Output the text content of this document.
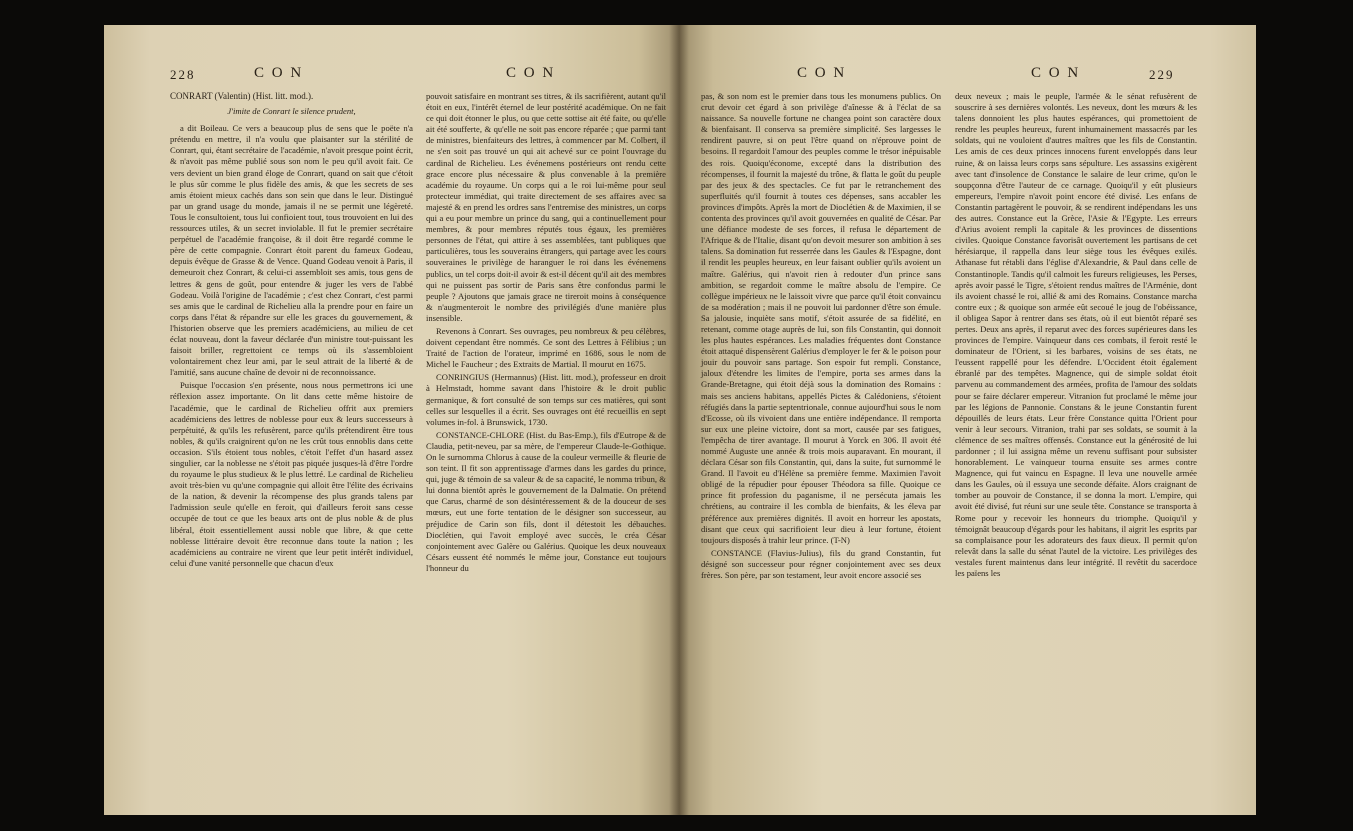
228	C O N	C O N

CONRART (Valentin) (Hist. litt. mod.).

J'imite de Conrart le silence prudent,

a dit Boileau. Ce vers a beaucoup plus de sens que le poëte n'a prétendu en mettre, il n'a voulu que plaisanter sur la stérilité de Conrart, qui, étant secrétaire de l'académie, n'avoit presque point écrit, & n'avoit pas même publié sous son nom le peu qu'il avoit fait. Ce vers devient un bien grand éloge de Conrart, quand on sait que c'étoit le plus sûr comme le plus fidèle des amis, & que les secrets de ses amis étoient mieux cachés dans son sein que dans le leur. Distingué par un grand usage du monde, jamais il ne se permit une légèreté. Tous le consultoient, tous lui confioient tout, tous trouvoient en lui des ressources utiles, & un secret inviolable. Il fut le premier secrétaire perpétuel de l'académie françoise, & il doit être regardé comme le père de cette compagnie. Conrart étoit parent du fameux Godeau, depuis évêque de Grasse & de Vence. Quand Godeau venoit à Paris, il demeuroit chez Conrart, & celui-ci assembloit ses amis, tous gens de lettres & gens de goût, pour entendre & juger les vers de l'abbé Godeau. Voilà l'origine de l'académie ; c'est chez Conrart, c'est parmi ses amis que le cardinal de Richelieu alla la prendre pour en faire un corps dans l'état & répandre sur elle les graces du gouvernement, & l'historien observe que les premiers académiciens, au milieu de cet éclat nouveau, dont la faveur déclarée d'un ministre tout-puissant les faisoit briller, regrettoient ce temps où ils s'assembloient volontairement chez leur ami, par le seul attrait de la liberté & de l'amitié, sans aucune chaîne de devoir ni de reconnoissance.

Puisque l'occasion s'en présente, nous nous permettrons ici une réflexion assez importante. On lit dans cette même histoire de l'académie, que le cardinal de Richelieu offrit aux premiers académiciens des lettres de noblesse pour eux & leurs successeurs à perpétuité, & qu'ils les refusèrent, parce qu'ils prétendirent être tous nobles, & qu'ils craignirent qu'on ne les crût tous ennoblis dans cette occasion. S'ils étoient tous nobles, c'étoit l'effet d'un hasard assez singulier, car la noblesse ne s'étoit pas piquée jusques-là d'être l'ordre du royaume le plus studieux & le plus lettré. Le cardinal de Richelieu avoit très-bien vu qu'une compagnie qui alloit être l'élite des écrivains de la nation, & devenir la récompense des plus grands talens par l'admission seule qu'elle en feroit, qui d'ailleurs feroit sans cesse occupée de tout ce que les beaux arts ont de plus noble & de plus libéral, étoit essentiellement aussi noble que libre, & que cette noblesse littéraire devoit être reconnue dans toute la nation ; les académiciens au contraire ne virent que leur petit intérêt individuel, celui d'une vanité personnelle que chacun d'eux

pouvoit satisfaire en montrant ses titres, & ils sacrifièrent, autant qu'il étoit en eux, l'intérêt éternel de leur postérité académique. On ne fait ce qui doit étonner le plus, ou que cette sottise ait été faite, ou qu'elle ait été soufferte, & qu'elle ne soit pas encore réparée ; que parmi tant de ministres, bienfaiteurs des lettres, à commencer par M. Colbert, il ne s'en soit pas trouvé un qui ait achevé sur ce point l'ouvrage du cardinal de Richelieu. Les événemens postérieurs ont rendu cette grace encore plus nécessaire & plus convenable à la première académie du royaume. Un corps qui a le roi lui-même pour seul protecteur immédiat, qui traite directement de ses affaires avec sa majesté & en prend les ordres sans l'entremise des ministres, un corps qui a eu pour membre un prince du sang, qui a continuellement pour membres, & pour membres réputés tous égaux, les premières personnes de l'état, qui attire à ses assemblées, tant publiques que particulières, tous les souverains étrangers, qui partage avec les cours souveraines le privilège de haranguer le roi dans les événemens publics, un tel corps doit-il avoir & est-il décent qu'il ait des membres qui ne puissent pas sortir de Paris sans être confondus parmi le peuple ? Ajoutons que jamais grace ne tireroit moins à conséquence & n'augmenteroit le nombre des privilégiés d'une manière plus insensible.

Revenons à Conrart. Ses ouvrages, peu nombreux & peu célèbres, doivent cependant être nommés. Ce sont des Lettres à Félibius ; un Traité de l'action de l'orateur, imprimé en 1686, sous le nom de Michel le Faucheur ; des Extraits de Martial. Il mourut en 1675.

CONRINGIUS (Hermannus) (Hist. litt. mod.), professeur en droit à Helmstadt, homme savant dans l'histoire & le droit public germanique, & fort consulté de son temps sur ces matières, qui sont celles sur lesquelles il a écrit. Ses ouvrages ont été recueillis en sept volumes in-fol. à Brunswick, 1730.

CONSTANCE-CHLORE (Hist. du Bas-Emp.), fils d'Eutrope & de Claudia, petit-neveu, par sa mère, de l'empereur Claude-le-Gothique. On le surnomma Chlorus à cause de la couleur vermeille & fleurie de son teint. Il fit son apprentissage d'armes dans les gardes du prince, qui, juge & témoin de sa valeur & de sa capacité, le nomma tribun, & lui donna bientôt après le gouvernement de la Dalmatie. On prétend que Carus, charmé de son désintéressement & de la douceur de ses mœurs, eut une forte tentation de le désigner son successeur, au préjudice de Carin son fils, dont il détestoit les débauches. Dioclétien, qui l'avoit employé avec succès, le créa César conjointement avec Galère ou Galérius. Quoique les deux nouveaux Césars eussent été nommés le même jour, Constance eut toujours l'honneur du

C O N	C O N	229

pas, & son nom est le premier dans tous les monumens publics. On crut devoir cet égard à son privilège d'aînesse & à l'éclat de sa naissance. Sa nouvelle fortune ne changea point son caractère doux & bienfaisant. Il conserva sa première simplicité. Ses largesses le rendirent pauvre, si on peut l'être quand on n'éprouve point de besoins. Il regardoit l'amour des peuples comme le trésor inépuisable des rois. Quoiqu'économe, excepté dans la distribution des récompenses, il fournit la majesté du trône, & flatta le goût du peuple par des jeux & des spectacles. Ce fut par le retranchement des superfluités qu'il fournit à toutes ces dépenses, sans accabler les provinces d'impôts. Après la mort de Dioclétien & de Maximien, il se contenta des provinces qu'il avoit gouvernées en qualité de César. Par une défiance modeste de ses forces, il refusa le département de l'Afrique & de l'Italie, disant qu'on devoit mesurer son ambition à ses talens. Sa domination fut resserrée dans les Gaules & l'Espagne, dont il rendit les peuples heureux, en leur faisant oublier qu'ils avoient un maître. Galérius, qui n'avoit rien à redouter d'un prince sans ambition, se regardoit comme le maître absolu de l'empire. Ce collègue impérieux ne le laissoit vivre que parce qu'il étoit convaincu de sa modération ; mais il ne pouvoit lui pardonner d'être son émule. Sa jalousie, inquiète sans motif, s'étoit assurée de sa fidélité, en retenant, comme otage auprès de lui, son fils Constantin, qui donnoit les plus hautes espérances. Les maladies fréquentes dont Constance étoit attaqué dispensèrent Galérius d'employer le fer & le poison pour jouir du pouvoir sans partage. Son espoir fut rempli. Constance, jaloux d'étendre les limites de l'empire, porta ses armes dans la Grande-Bretagne, qui étoit déjà sous la domination des Romains : mais ses anciens habitans, appellés Pictes & Calédoniens, s'étoient réfugiés dans la partie septentrionale, connue aujourd'hui sous le nom d'Ecosse, où ils vivoient dans une entière indépendance. Il remporta sur eux une pleine victoire, dont sa mort, causée par ses fatigues, l'empêcha de tirer avantage. Il mourut à Yorck en 306. Il avoit été nommé Auguste une année & trois mois auparavant. En mourant, il déclara César son fils Constantin, qui, dans la suite, fut surnommé le Grand. Il l'avoit eu d'Hélène sa première femme. Maximien l'avoit obligé de la répudier pour épouser Théodora sa fille. Quoique ce prince fit profession du paganisme, il ne persécuta jamais les chrétiens, au contraire il les combla de bienfaits, & les éleva par préférence aux premières dignités. Il avoit en horreur les apostats, disant que ceux qui sacrifioient leur dieu à leur fortune, étoient toujours disposés à trahir leur prince. (T-N)

CONSTANCE (Flavius-Julius), fils du grand Constantin, fut désigné son successeur pour régner conjointement avec ses deux frères. Son père, par son testament, leur avoit encore associé ses

deux neveux ; mais le peuple, l'armée & le sénat refusèrent de souscrire à ses dernières volontés. Les neveux, dont les mœurs & les talens donnoient les plus hautes espérances, qui promettoient de rendre les peuples heureux, furent inhumainement massacrés par les soldats, qui ne vouloient d'autres maîtres que les fils de Constantin. Les amis de ces deux princes innocens furent enveloppés dans leur ruine, & on laissa leurs corps sans sépulture. Les assassins exigèrent avec tant d'insolence de Constance le salaire de leur crime, qu'on le soupçonna d'être l'auteur de ce carnage. Quoiqu'il y eût plusieurs empereurs, l'empire n'avoit point encore été divisé. Les enfans de Constantin partagèrent le pouvoir, & se rendirent indépendans les uns des autres. Constance eut la Grèce, l'Asie & l'Egypte. Les erreurs d'Arius avoient rempli la capitale & les provinces de dissentions civiles. Quoique Constance favorisât ouvertement les partisans de cet hérésiarque, il rappella dans leur siège tous les évêques exilés. Athanase fut rétabli dans l'église d'Alexandrie, & Paul dans celle de Constantinople. Tandis qu'il calmoit les fureurs religieuses, les Perses, après avoir passé le Tigre, s'étoient rendus maîtres de l'Arménie, dont ils avoient chassé le roi, allié & ami des Romains. Constance marcha contre eux ; & quoique son armée eût secoué le joug de l'obéissance, il obligea Sapor à rentrer dans ses états, où il eut bientôt réparé ses pertes. Deux ans après, il reparut avec des forces supérieures dans les provinces de l'empire. Vainqueur dans ces combats, il feroit resté le dominateur de l'Orient, si les barbares, voisins de ses états, ne l'eussent rappellé pour les défendre. L'Occident étoit également ébranlé par des tempêtes. Magnence, qui de simple soldat étoit parvenu au commandement des armées, profita de l'amour des soldats pour se faire déclarer empereur. Vitranion fut proclamé le même jour par les légions de Pannonie. Constans & le jeune Constantin furent dépouillés de leurs états. Leur frère Constance quitta l'Orient pour venir à leur secours. Vitranion, trahi par ses soldats, se soumit à la clémence de ses maîtres offensés. Constance eut la générosité de lui pardonner ; il lui assigna même un revenu suffisant pour subsister honorablement. Le vainqueur tourna ensuite ses armes contre Magnence, qui fut vaincu en Espagne. Il leva une nouvelle armée dans les Gaules, où il essuya une seconde défaite. Alors craignant de tomber au pouvoir de Constance, il se donna la mort. L'empire, qui avoit été divisé, fut réuni sur une seule tête. Constance se transporta à Rome pour y recevoir les honneurs du triomphe. Quoiqu'il y témoignât beaucoup d'égards pour les habitans, il aigrit les esprits par sa complaisance pour les adorateurs des faux dieux. Il permit qu'on relevât dans la salle du sénat l'autel de la victoire. Les privilèges des vestales furent maintenus dans leur intégrité. Il revêtit du sacerdoce les païens les
